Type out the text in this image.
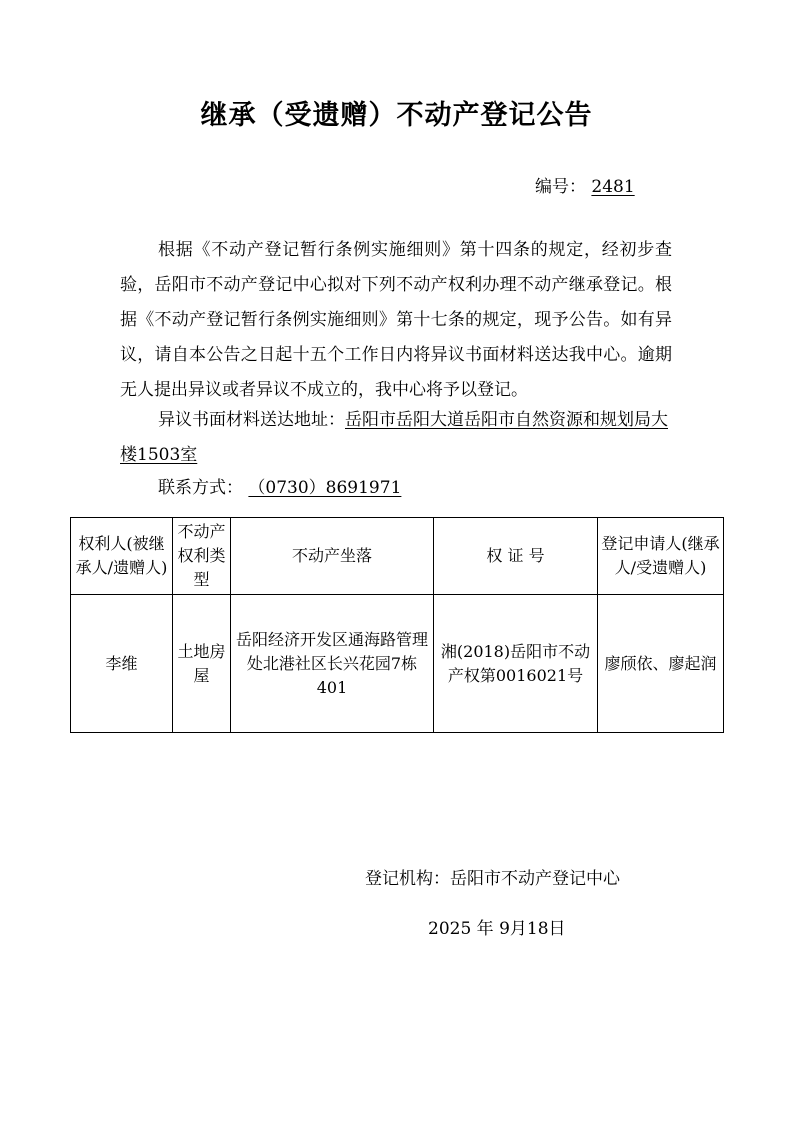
继承（受遗赠）不动产登记公告
编号： 2481
根据《不动产登记暂行条例实施细则》第十四条的规定，经初步查验，岳阳市不动产登记中心拟对下列不动产权利办理不动产继承登记。根据《不动产登记暂行条例实施细则》第十七条的规定，现予公告。如有异议，请自本公告之日起十五个工作日内将异议书面材料送达我中心。逾期无人提出异议或者异议不成立的，我中心将予以登记。
异议书面材料送达地址：岳阳市岳阳大道岳阳市自然资源和规划局大楼1503室
联系方式： （0730）8691971
权利人(被继承人/遗赠人)	不动产权利类型	不动产坐落	权 证 号	登记申请人(继承人/受遗赠人)
李维	土地房屋	岳阳经济开发区通海路管理处北港社区长兴花园7栋401	湘(2018)岳阳市不动产权第0016021号	廖颀依、廖起润
登记机构：岳阳市不动产登记中心
2025 年 9月18日
